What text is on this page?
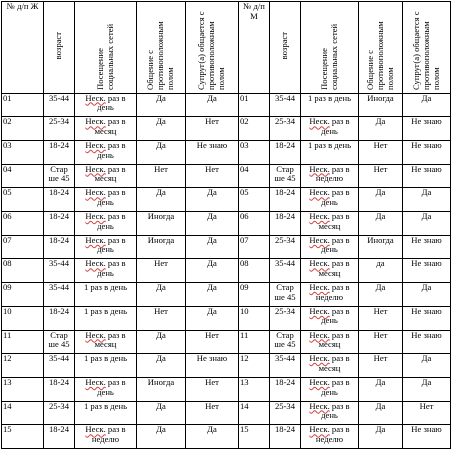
№ д/п Ж	возраст	Посещение социальных сетей	Общение с противоположным полом	Супруг(а) общается с противоположным полом	№ д/п М	возраст	Посещение социальных сетей	Общение с противоположным полом	Супруг(а) общается с противоположным полом
01	35-44	Неск. раз в день	Да	Да	01	35-44	1 раз в день	Иногда	Да
02	25-34	Неск. раз в месяц	Да	Нет	02	25-34	Неск. раз в день	Да	Не знаю
03	18-24	Неск. раз в день	Да	Не знаю	03	18-24	1 раз в день	Нет	Не знаю
04	Стар ше 45	Неск. раз в месяц	Нет	Нет	04	Стар ше 45	Неск. раз в неделю	Нет	Не знаю
05	18-24	Неск. раз в день	Да	Да	05	18-24	Неск. раз в день	Да	Да
06	18-24	Неск. раз в день	Иногда	Да	06	18-24	Неск. раз в месяц	Да	Да
07	18-24	Неск. раз в день	Иногда	Да	07	25-34	Неск. раз в день	Иногда	Не знаю
08	35-44	Неск. раз в день	Нет	Да	08	35-44	Неск. раз в месяц	да	Не знаю
09	35-44	1 раз в день	Да	Да	09	Стар ше 45	Неск. раз в неделю	Да	Да
10	18-24	1 раз в день	Нет	Да	10	25-34	Неск. раз в день	Нет	Не знаю
11	Стар ше 45	Неск. раз в месяц	Да	Нет	11	Стар ше 45	Неск. раз в месяц	Нет	Не знаю
12	35-44	1 раз в день	Да	Не знаю	12	35-44	Неск. раз в месяц	Нет	Да
13	18-24	Неск. раз в день	Иногда	Нет	13	18-24	Неск. раз в день	Да	Да
14	25-34	1 раз в день	Да	Нет	14	25-34	Неск. раз в день	Да	Нет
15	18-24	Неск. раз в неделю	Да	Да	15	18-24	Неск. раз в неделю	Да	Не знаю
